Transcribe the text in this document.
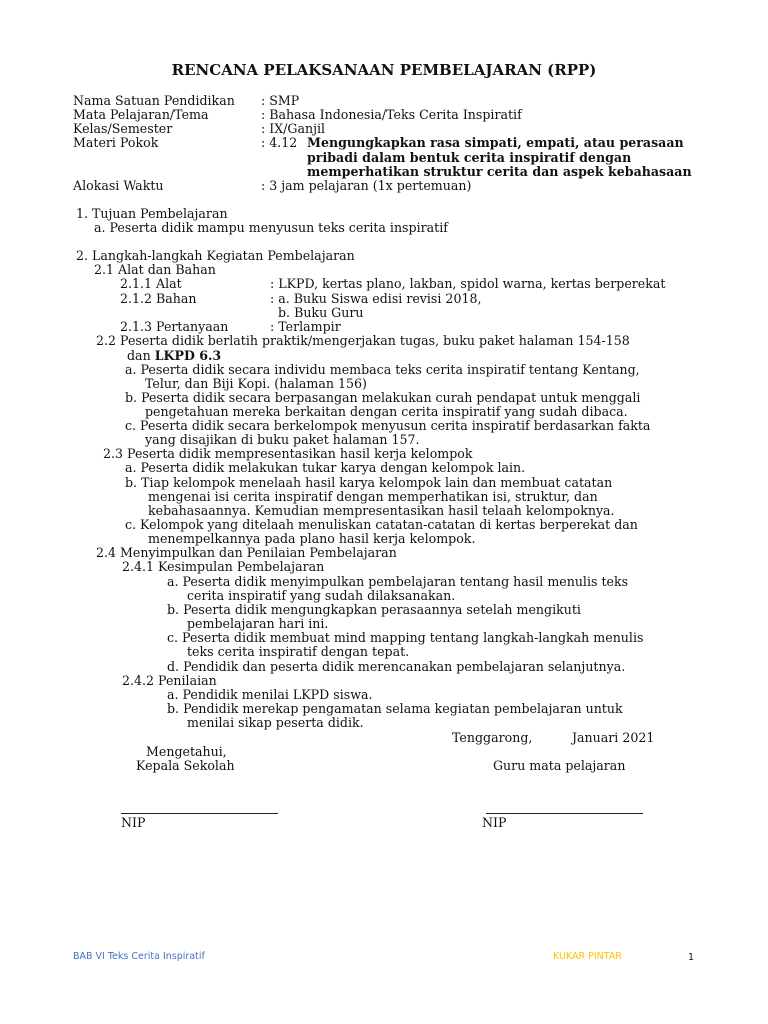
RENCANA PELAKSANAAN PEMBELAJARAN (RPP)
Nama Satuan Pendidikan : SMP
Mata Pelajaran/Tema	: Bahasa Indonesia/Teks Cerita Inspiratif
Kelas/Semester	: IX/Ganjil
Materi Pokok	: 4.12 Mengungkapkan rasa simpati, empati, atau perasaan
pribadi dalam bentuk cerita inspiratif dengan
memperhatikan struktur cerita dan aspek kebahasaan
Alokasi Waktu	: 3 jam pelajaran (1x pertemuan)
1. Tujuan Pembelajaran
a. Peserta didik mampu menyusun teks cerita inspiratif
2. Langkah-langkah Kegiatan Pembelajaran
2.1 Alat dan Bahan
2.1.1 Alat	: LKPD, kertas plano, lakban, spidol warna, kertas berperekat
2.1.2 Bahan	: a. Buku Siswa edisi revisi 2018,
b. Buku Guru
2.1.3 Pertanyaan	: Terlampir
2.2 Peserta didik berlatih praktik/mengerjakan tugas, buku paket halaman 154-158
dan LKPD 6.3
a. Peserta didik secara individu membaca teks cerita inspiratif tentang Kentang,
Telur, dan Biji Kopi. (halaman 156)
b. Peserta didik secara berpasangan melakukan curah pendapat untuk menggali
pengetahuan mereka berkaitan dengan cerita inspiratif yang sudah dibaca.
c. Peserta didik secara berkelompok menyusun cerita inspiratif berdasarkan fakta
yang disajikan di buku paket halaman 157.
2.3 Peserta didik mempresentasikan hasil kerja kelompok
a. Peserta didik melakukan tukar karya dengan kelompok lain.
b. Tiap kelompok menelaah hasil karya kelompok lain dan membuat catatan
mengenai isi cerita inspiratif dengan memperhatikan isi, struktur, dan
kebahasaannya. Kemudian mempresentasikan hasil telaah kelompoknya.
c. Kelompok yang ditelaah menuliskan catatan-catatan di kertas berperekat dan
menempelkannya pada plano hasil kerja kelompok.
2.4 Menyimpulkan dan Penilaian Pembelajaran
2.4.1 Kesimpulan Pembelajaran
a. Peserta didik menyimpulkan pembelajaran tentang hasil menulis teks
cerita inspiratif yang sudah dilaksanakan.
b. Peserta didik mengungkapkan perasaannya setelah mengikuti
pembelajaran hari ini.
c. Peserta didik membuat mind mapping tentang langkah-langkah menulis
teks cerita inspiratif dengan tepat.
d. Pendidik dan peserta didik merencanakan pembelajaran selanjutnya.
2.4.2 Penilaian
a. Pendidik menilai LKPD siswa.
b. Pendidik merekap pengamatan selama kegiatan pembelajaran untuk
menilai sikap peserta didik.
Tenggarong,	Januari 2021
Mengetahui,
Kepala Sekolah	Guru mata pelajaran
NIP	NIP
BAB VI Teks Cerita Inspiratif	KUKAR PINTAR	1
